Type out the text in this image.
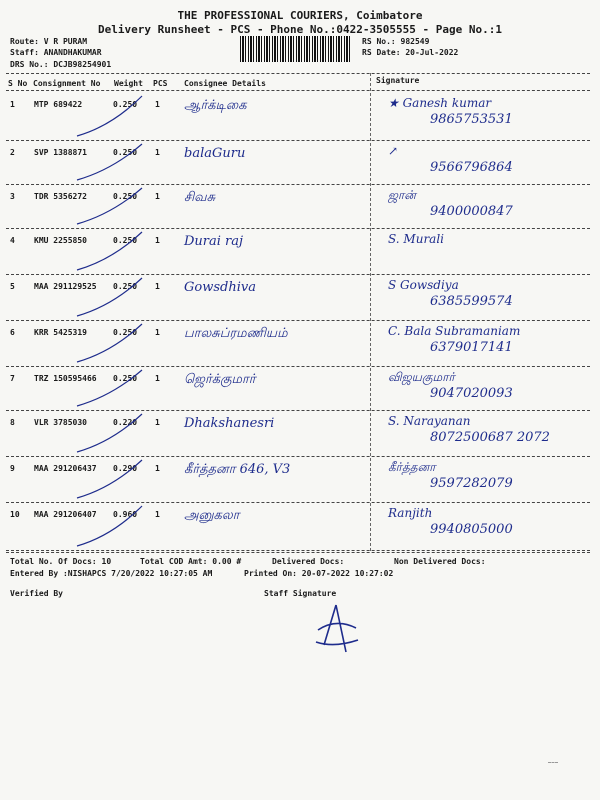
THE PROFESSIONAL COURIERS, Coimbatore
Delivery Runsheet - PCS - Phone No.:0422-3505555 - Page No.:1
Route: V R PURAM
Staff: ANANDHAKUMAR
DRS No.: DCJB98254901
RS No.: 982549
RS Date: 20-Jul-2022
S No Consignment No Weight PCS Consignee Details	Signature
1 MTP 689422	0.250 1 ஆர்க்டிகை	★ Ganesh kumar
9865753531
2 SVP 1388871	0.250 1 balaGuru	↗
9566796864
3 TDR 5356272	0.250 1 சிவசு	ஜான்
9400000847
4 KMU 2255850	0.250 1 Durai raj	S. Murali
5 MAA 291129525 0.250 1 Gowsdhiva	S Gowsdiya
6385599574
6 KRR 5425319	0.250 1 பாலசுப்ரமணியம்	C. Bala Subramaniam
6379017141
7 TRZ 150595466 0.250 1 ஜெர்க்குமார்	விஜயகுமார்
9047020093
8 VLR 3785030	0.220 1 Dhakshanesri	S. Narayanan
8072500687 2072
9 MAA 291206437 0.290 1 கீர்த்தனா 646, V3	கீர்த்தனா
9597282079
10 MAA 291206407 0.960 1 அனுகலா	Ranjith
9940805000
Total No. Of Docs: 10	Total COD Amt: 0.00 #	Delivered Docs:	Non Delivered Docs:
Entered By :NISHAPCS 7/20/2022 10:27:05 AM	Printed On: 20-07-2022 10:27:02
Verified By	Staff Signature
